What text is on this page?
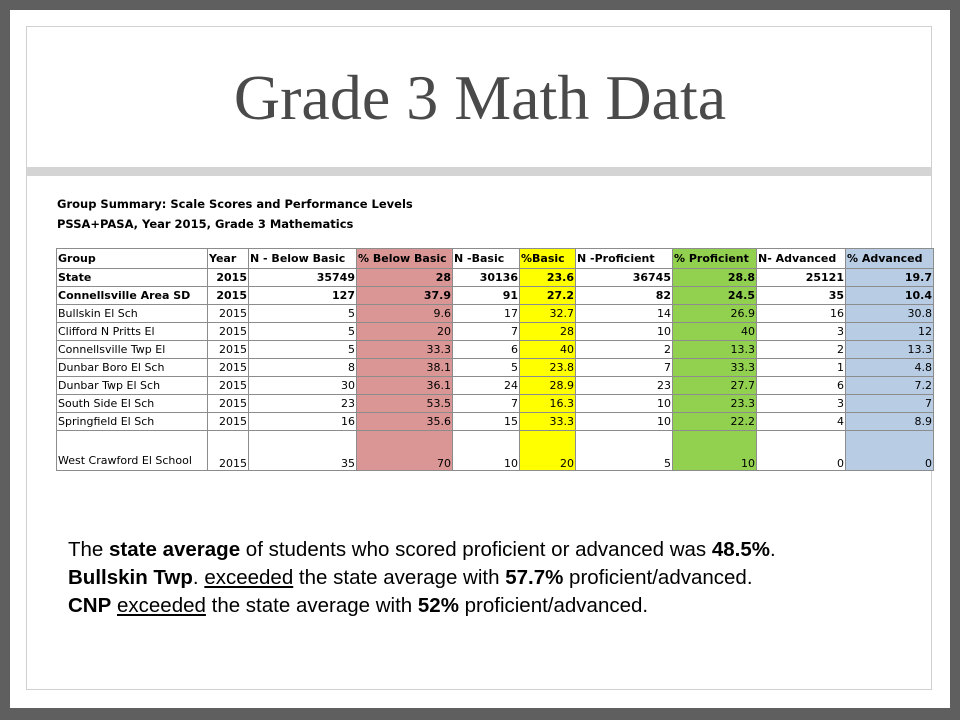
Grade 3 Math Data
Group Summary: Scale Scores and Performance Levels
PSSA+PASA, Year 2015, Grade 3 Mathematics
Group	Year	N - Below Basic	% Below Basic	N -Basic	%Basic	N -Proficient	% Proficient	N- Advanced	% Advanced
State	2015	35749	28	30136	23.6	36745	28.8	25121	19.7
Connellsville Area SD	2015	127	37.9	91	27.2	82	24.5	35	10.4
Bullskin El Sch	2015	5	9.6	17	32.7	14	26.9	16	30.8
Clifford N Pritts El	2015	5	20	7	28	10	40	3	12
Connellsville Twp El	2015	5	33.3	6	40	2	13.3	2	13.3
Dunbar Boro El Sch	2015	8	38.1	5	23.8	7	33.3	1	4.8
Dunbar Twp El Sch	2015	30	36.1	24	28.9	23	27.7	6	7.2
South Side El Sch	2015	23	53.5	7	16.3	10	23.3	3	7
Springfield El Sch	2015	16	35.6	15	33.3	10	22.2	4	8.9
West Crawford El School	2015	35	70	10	20	5	10	0	0

The state average of students who scored proficient or advanced was 48.5%.

Bullskin Twp. exceeded the state average with 57.7% proficient/advanced.

CNP exceeded the state average with 52% proficient/advanced.
